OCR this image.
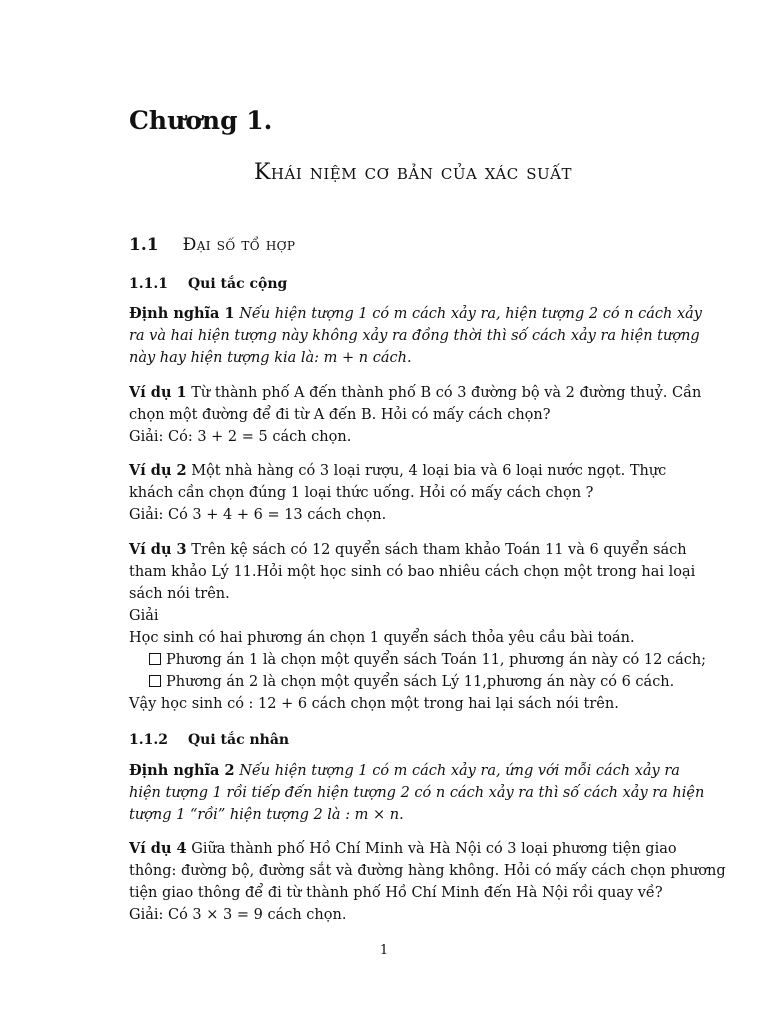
Chương 1.
Khái niệm cơ bản của xác suất
1.1 Đại số tổ hợp
1.1.1 Qui tắc cộng
Định nghĩa 1 Nếu hiện tượng 1 có m cách xảy ra, hiện tượng 2 có n cách xảy
ra và hai hiện tượng này không xảy ra đồng thời thì số cách xảy ra hiện tượng
này hay hiện tượng kia là: m + n cách.
Ví dụ 1 Từ thành phố A đến thành phố B có 3 đường bộ và 2 đường thuỷ. Cần
chọn một đường để đi từ A đến B. Hỏi có mấy cách chọn?
Giải: Có: 3 + 2 = 5 cách chọn.
Ví dụ 2 Một nhà hàng có 3 loại rượu, 4 loại bia và 6 loại nước ngọt. Thực
khách cần chọn đúng 1 loại thức uống. Hỏi có mấy cách chọn ?
Giải: Có 3 + 4 + 6 = 13 cách chọn.
Ví dụ 3 Trên kệ sách có 12 quyển sách tham khảo Toán 11 và 6 quyển sách
tham khảo Lý 11.Hỏi một học sinh có bao nhiêu cách chọn một trong hai loại
sách nói trên.
Giải
Học sinh có hai phương án chọn 1 quyển sách thỏa yêu cầu bài toán.
Phương án 1 là chọn một quyển sách Toán 11, phương án này có 12 cách;
Phương án 2 là chọn một quyển sách Lý 11,phương án này có 6 cách.
Vậy học sinh có : 12 + 6 cách chọn một trong hai lại sách nói trên.
1.1.2 Qui tắc nhân
Định nghĩa 2 Nếu hiện tượng 1 có m cách xảy ra, ứng với mỗi cách xảy ra
hiện tượng 1 rồi tiếp đến hiện tượng 2 có n cách xảy ra thì số cách xảy ra hiện
tượng 1 “rồi” hiện tượng 2 là : m × n.
Ví dụ 4 Giữa thành phố Hồ Chí Minh và Hà Nội có 3 loại phương tiện giao
thông: đường bộ, đường sắt và đường hàng không. Hỏi có mấy cách chọn phương
tiện giao thông để đi từ thành phố Hồ Chí Minh đến Hà Nội rồi quay về?
Giải: Có 3 × 3 = 9 cách chọn.
1
